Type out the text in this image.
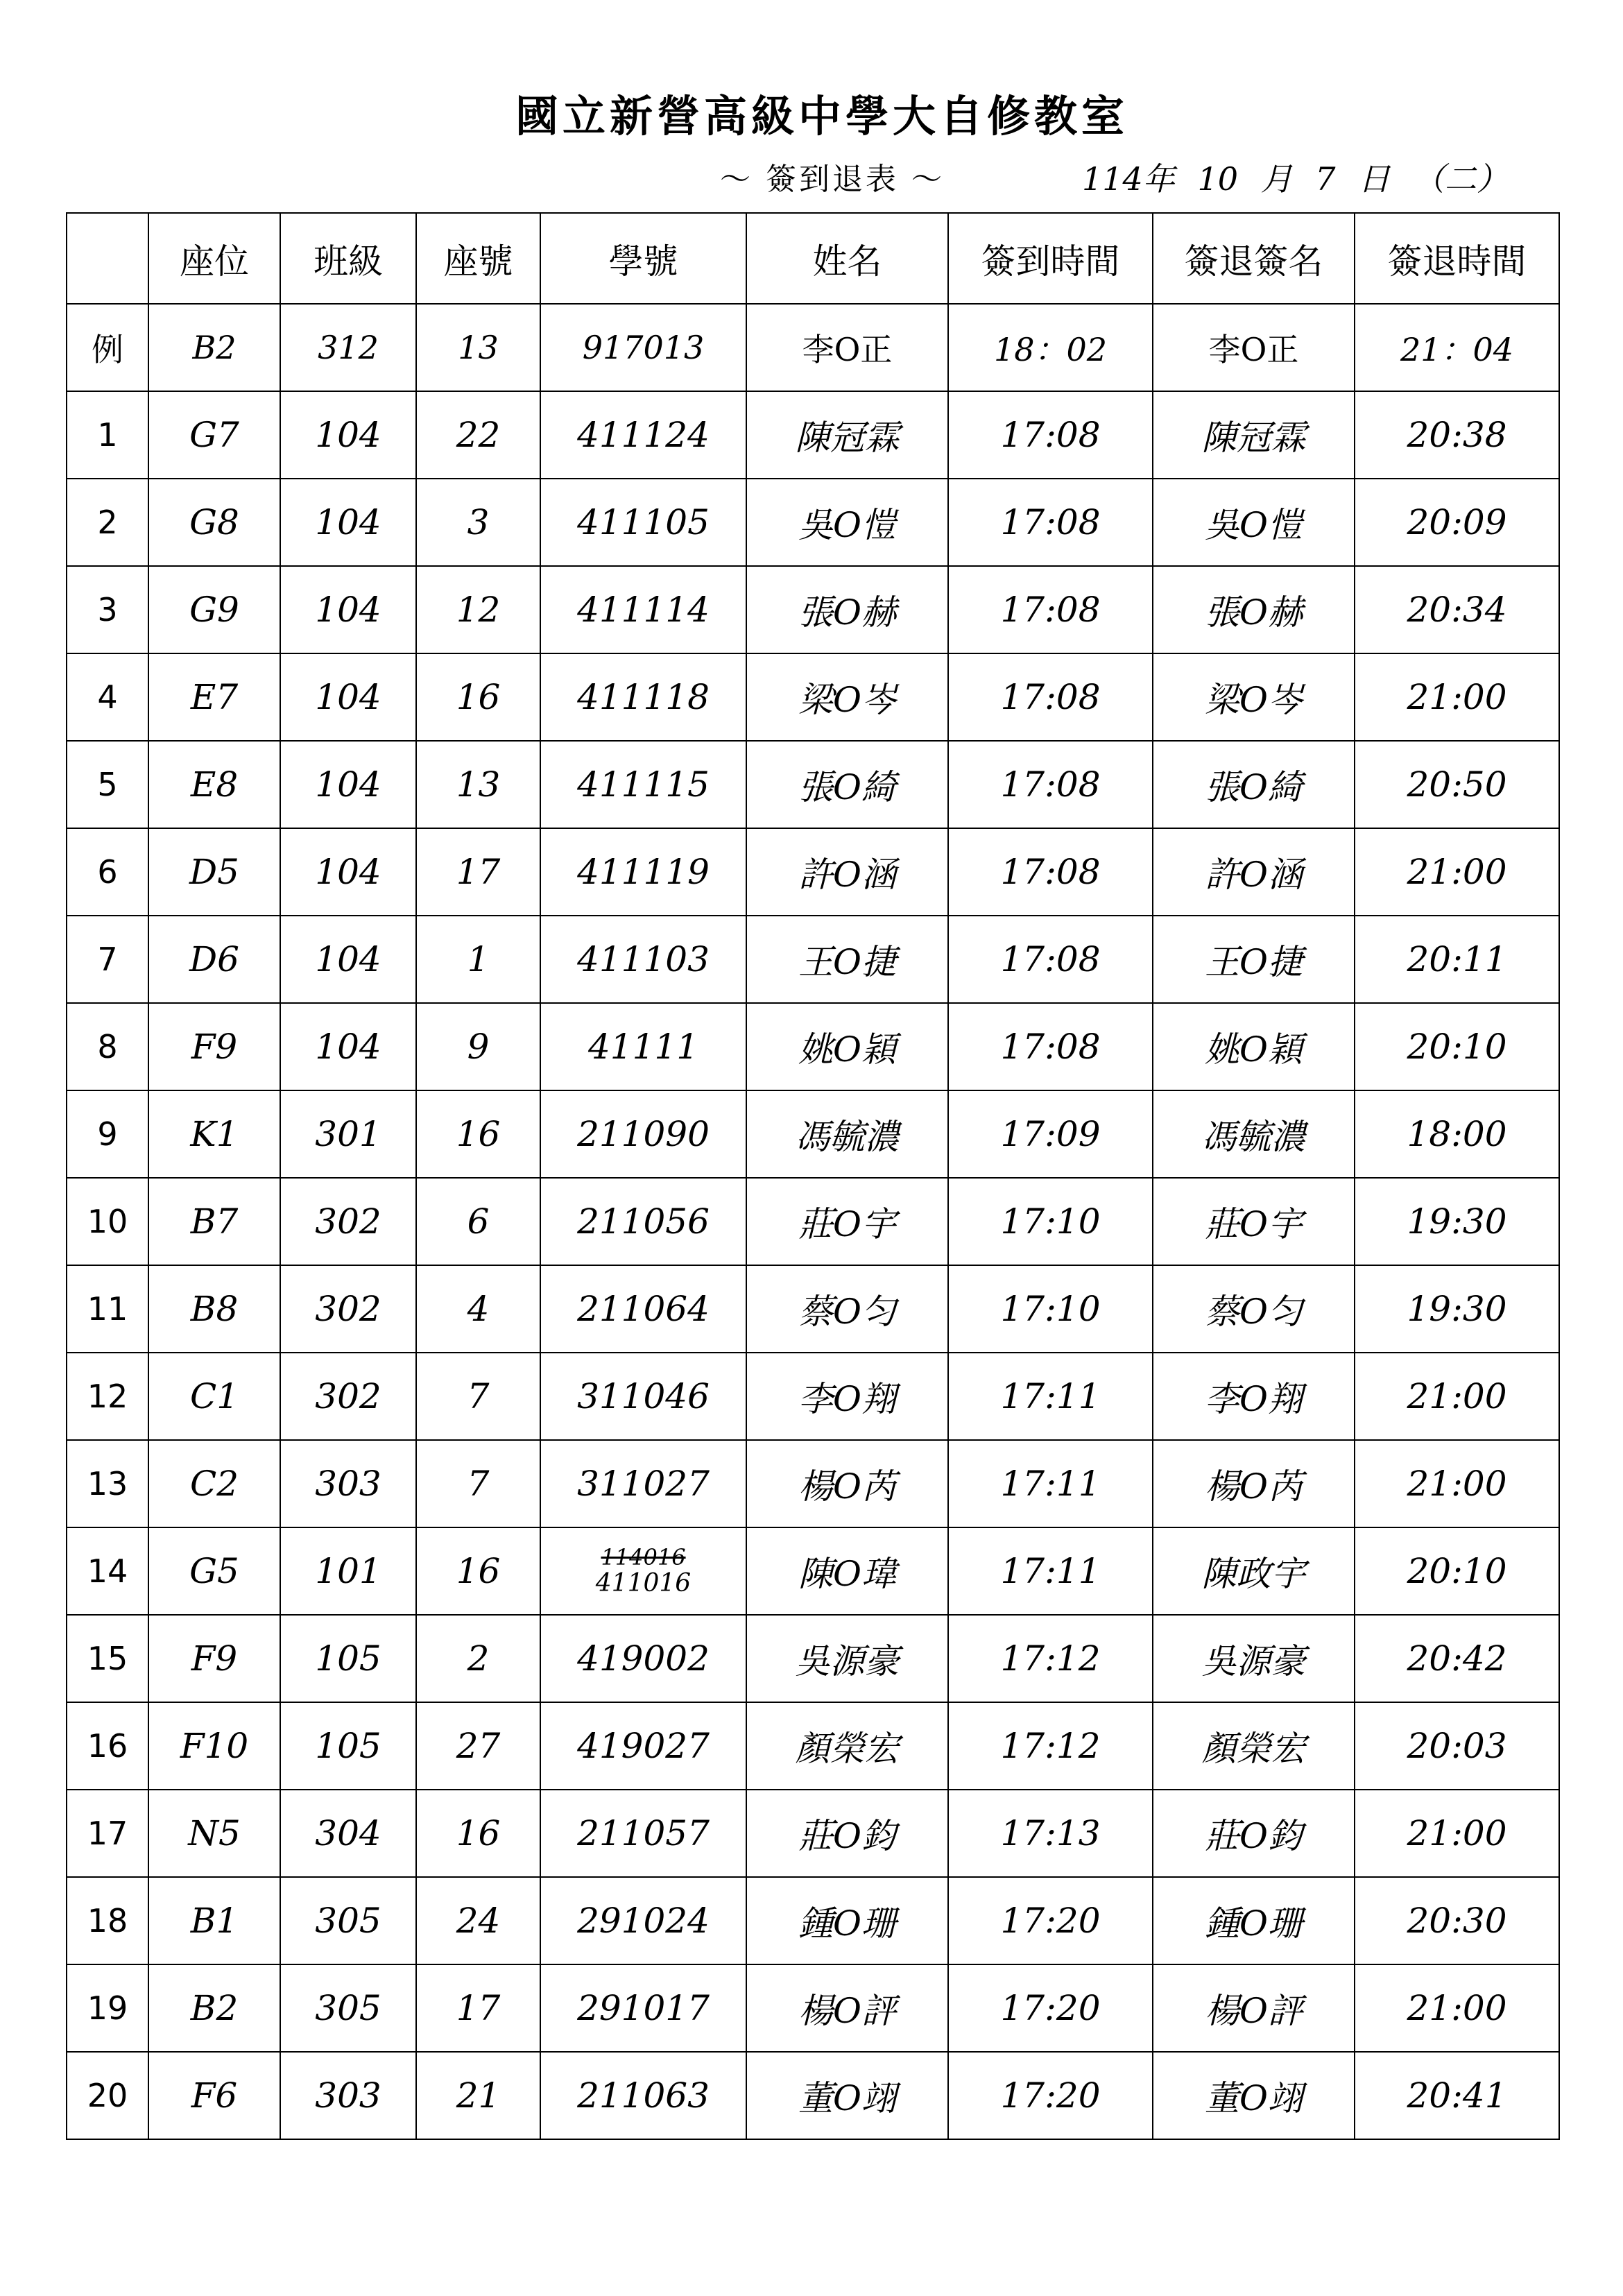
國立新營高級中學大自修教室
～ 簽到退表 ～	114年 10 月 7 日 （二）
	座位	班級	座號	學號	姓名	簽到時間	簽退簽名	簽退時間
例	B2	312	13	917013	李O正	18：02	李O正	21：04
1	G7	104	22	411124	陳冠霖	17:08	陳冠霖	20:38
2	G8	104	3	411105	吳O愷	17:08	吳O愷	20:09
3	G9	104	12	411114	張O赫	17:08	張O赫	20:34
4	E7	104	16	411118	梁O岑	17:08	梁O岑	21:00
5	E8	104	13	411115	張O綺	17:08	張O綺	20:50
6	D5	104	17	411119	許O涵	17:08	許O涵	21:00
7	D6	104	1	411103	王O捷	17:08	王O捷	20:11
8	F9	104	9	41111	姚O穎	17:08	姚O穎	20:10
9	K1	301	16	211090	馮毓濃	17:09	馮毓濃	18:00
10	B7	302	6	211056	莊O宇	17:10	莊O宇	19:30
11	B8	302	4	211064	蔡O匀	17:10	蔡O匀	19:30
12	C1	302	7	311046	李O翔	17:11	李O翔	21:00
13	C2	303	7	311027	楊O芮	17:11	楊O芮	21:00
14	G5	101	16	114016
411016	陳O瑋	17:11	陳政宇	20:10
15	F9	105	2	419002	吳源豪	17:12	吳源豪	20:42
16	F10	105	27	419027	顏榮宏	17:12	顏榮宏	20:03
17	N5	304	16	211057	莊O鈞	17:13	莊O鈞	21:00
18	B1	305	24	291024	鍾O珊	17:20	鍾O珊	20:30
19	B2	305	17	291017	楊O評	17:20	楊O評	21:00
20	F6	303	21	211063	董O翊	17:20	董O翊	20:41
